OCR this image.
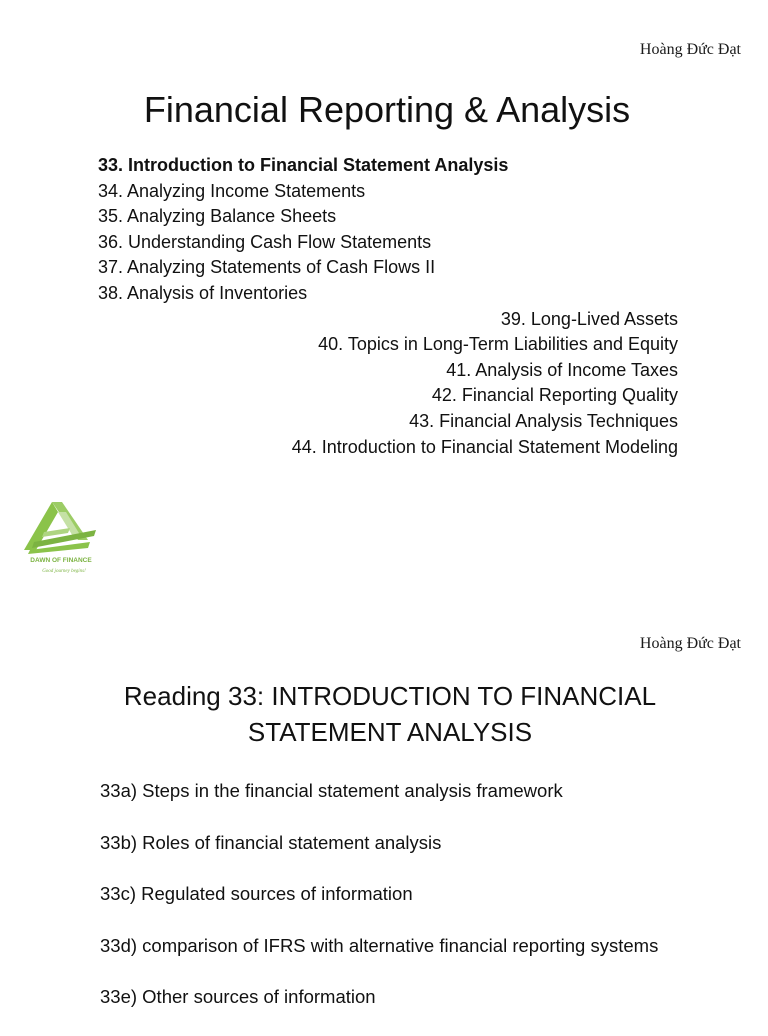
Hoàng Đức Đạt
Financial Reporting & Analysis
33. Introduction to Financial Statement Analysis
34. Analyzing Income Statements
35. Analyzing Balance Sheets
36. Understanding Cash Flow Statements
37. Analyzing Statements of Cash Flows II
38. Analysis of Inventories
39. Long-Lived Assets
40. Topics in Long-Term Liabilities and Equity
41. Analysis of Income Taxes
42. Financial Reporting Quality
43. Financial Analysis Techniques
44. Introduction to Financial Statement Modeling
DAWN OF FINANCE
Good journey begins!
Hoàng Đức Đạt
Reading 33: INTRODUCTION TO FINANCIAL
STATEMENT ANALYSIS
33a) Steps in the financial statement analysis framework
33b) Roles of financial statement analysis
33c) Regulated sources of information
33d) comparison of IFRS with alternative financial reporting systems
33e) Other sources of information
